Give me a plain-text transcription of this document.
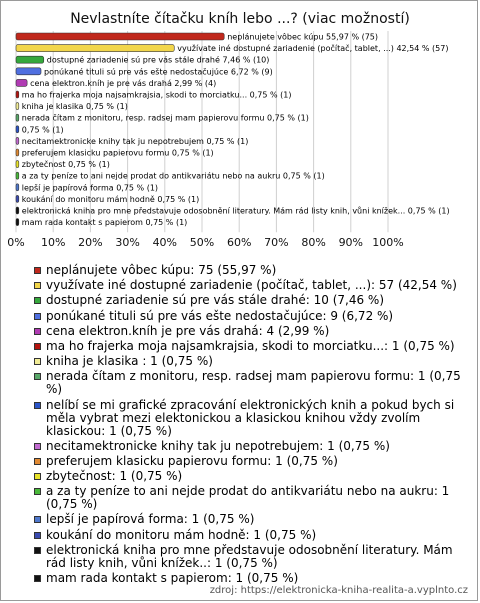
Nevlastníte čítačku kníh lebo ...? (viac možností)
0% 10% 20% 30% 40% 50% 60% 70% 80% 90% 100%
neplánujete vôbec kúpu 55,97 % (75)
využívate iné dostupné zariadenie (počítač, tablet, ...) 42,54 % (57)
dostupné zariadenie sú pre vás stále drahé 7,46 % (10)
ponúkané tituli sú pre vás ešte nedostačujúce 6,72 % (9)
cena elektron.kníh je pre vás drahá 2,99 % (4)
ma ho frajerka moja najsamkrajsia, skodi to morciatku... 0,75 % (1)
kniha je klasika 0,75 % (1)
nerada čítam z monitoru, resp. radsej mam papierovu formu 0,75 % (1)
0,75 % (1)
necitamektronicke knihy tak ju nepotrebujem 0,75 % (1)
preferujem klasicku papierovu formu 0,75 % (1)
zbytečnost 0,75 % (1)
a za ty peníze to ani nejde prodat do antikvariátu nebo na aukru 0,75 % (1)
lepší je papírová forma 0,75 % (1)
koukání do monitoru mám hodně 0,75 % (1)
elektronická kniha pro mne představuje odosobnění literatury. Mám rád listy knih, vůni knížek... 0,75 % (1)
mam rada kontakt s papierom 0,75 % (1)
neplánujete vôbec kúpu: 75 (55,97 %)
využívate iné dostupné zariadenie (počítač, tablet, ...): 57 (42,54 %)
dostupné zariadenie sú pre vás stále drahé: 10 (7,46 %)
ponúkané tituli sú pre vás ešte nedostačujúce: 9 (6,72 %)
cena elektron.kníh je pre vás drahá: 4 (2,99 %)
ma ho frajerka moja najsamkrajsia, skodi to morciatku...: 1 (0,75 %)
kniha je klasika : 1 (0,75 %)
nerada čítam z monitoru, resp. radsej mam papierovu formu: 1 (0,75 %)
nelíbí se mi grafické zpracování elektronických knih a pokud bych si měla vybrat mezi elektonickou a klasickou knihou vždy zvolím klasickou: 1 (0,75 %)
necitamektronicke knihy tak ju nepotrebujem: 1 (0,75 %)
preferujem klasicku papierovu formu: 1 (0,75 %)
zbytečnost: 1 (0,75 %)
a za ty peníze to ani nejde prodat do antikvariátu nebo na aukru: 1 (0,75 %)
lepší je papírová forma: 1 (0,75 %)
koukání do monitoru mám hodně: 1 (0,75 %)
elektronická kniha pro mne představuje odosobnění literatury. Mám rád listy knih, vůni knížek..: 1 (0,75 %)
mam rada kontakt s papierom: 1 (0,75 %)
zdroj: https://elektronicka-kniha-realita-a.vyplnto.cz
